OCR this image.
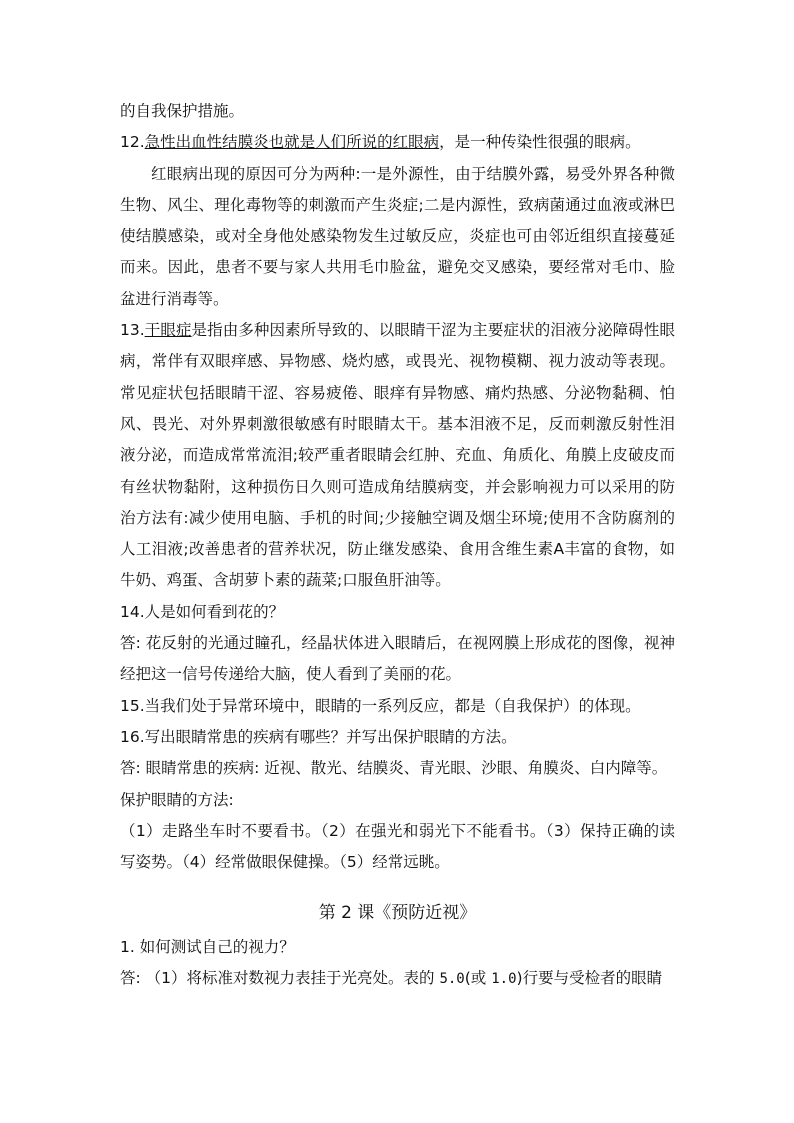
的自我保护措施。

12.急性出血性结膜炎也就是人们所说的红眼病，是一种传染性很强的眼病。

红眼病出现的原因可分为两种:一是外源性，由于结膜外露，易受外界各种微生物、风尘、理化毒物等的刺激而产生炎症;二是内源性，致病菌通过血液或淋巴使结膜感染，或对全身他处感染物发生过敏反应，炎症也可由邻近组织直接蔓延而来。因此，患者不要与家人共用毛巾脸盆，避免交叉感染，要经常对毛巾、脸盆进行消毒等。

13.干眼症是指由多种因素所导致的、以眼睛干涩为主要症状的泪液分泌障碍性眼病，常伴有双眼痒感、异物感、烧灼感，或畏光、视物模糊、视力波动等表现。常见症状包括眼睛干涩、容易疲倦、眼痒有异物感、痛灼热感、分泌物黏稠、怕风、畏光、对外界刺激很敏感有时眼睛太干。基本泪液不足，反而刺激反射性泪液分泌，而造成常常流泪;较严重者眼睛会红肿、充血、角质化、角膜上皮破皮而有丝状物黏附，这种损伤日久则可造成角结膜病变，并会影响视力可以采用的防治方法有:减少使用电脑、手机的时间;少接触空调及烟尘环境;使用不含防腐剂的人工泪液;改善患者的营养状况，防止继发感染、食用含维生素A丰富的食物，如牛奶、鸡蛋、含胡萝卜素的蔬菜;口服鱼肝油等。

14.人是如何看到花的？

答: 花反射的光通过瞳孔，经晶状体进入眼睛后，在视网膜上形成花的图像，视神经把这一信号传递给大脑，使人看到了美丽的花。

15.当我们处于异常环境中，眼睛的一系列反应，都是（自我保护）的体现。

16.写出眼睛常患的疾病有哪些？并写出保护眼睛的方法。

答: 眼睛常患的疾病: 近视、散光、结膜炎、青光眼、沙眼、角膜炎、白内障等。

保护眼睛的方法:

（1）走路坐车时不要看书。（2）在强光和弱光下不能看书。（3）保持正确的读写姿势。（4）经常做眼保健操。（5）经常远眺。

第 2 课《预防近视》

1. 如何测试自己的视力？

答: （1）将标准对数视力表挂于光亮处。表的 5.0(或 1.0)行要与受检者的眼睛
